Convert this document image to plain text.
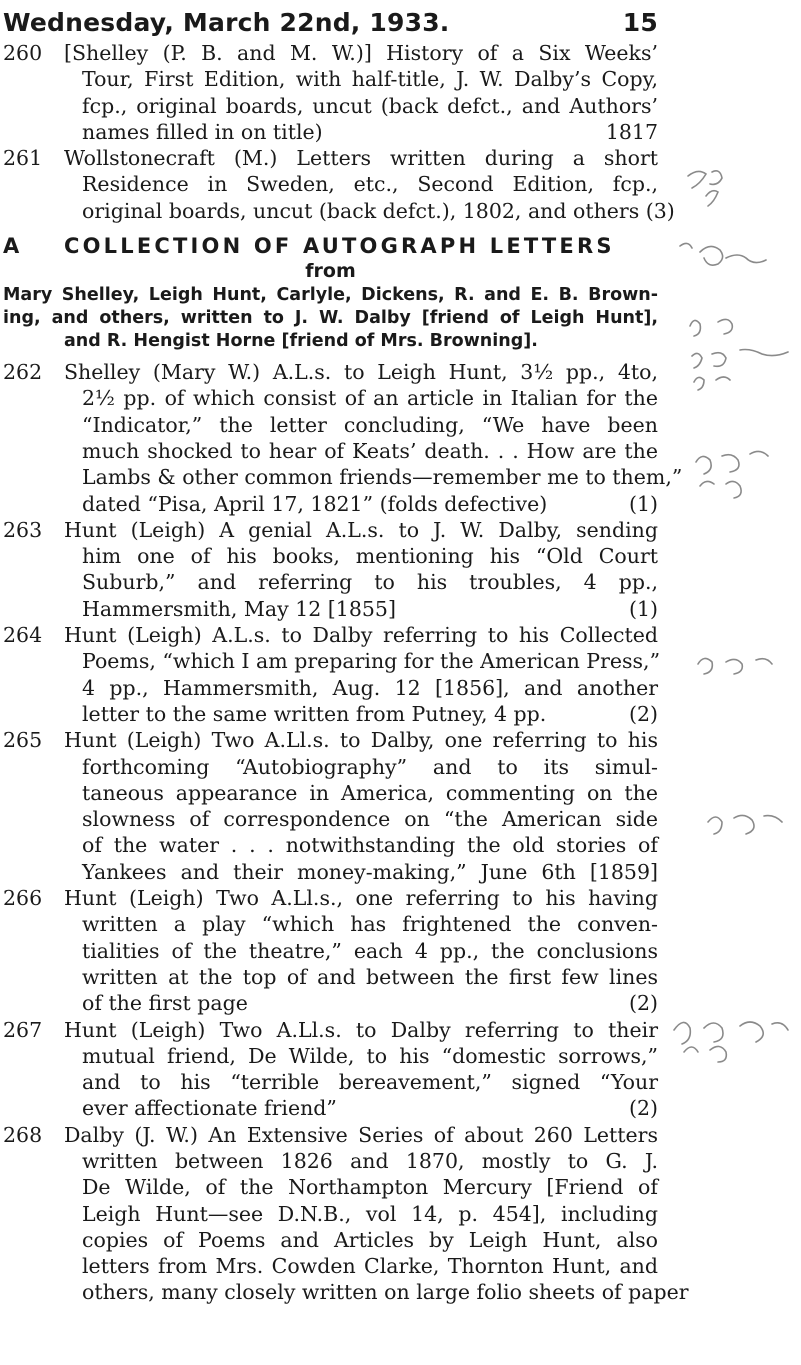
Wednesday, March 22nd, 1933.	15
260 [Shelley (P. B. and M. W.)] History of a Six Weeks’
Tour, First Edition, with half-title, J. W. Dalby’s Copy,
fcp., original boards, uncut (back defct., and Authors’
names filled in on title)	1817
261 Wollstonecraft (M.) Letters written during a short
Residence in Sweden, etc., Second Edition, fcp.,
original boards, uncut (back defct.), 1802, and others (3)
A COLLECTION OF AUTOGRAPH LETTERS
from
Mary Shelley, Leigh Hunt, Carlyle, Dickens, R. and E. B. Brown-
ing, and others, written to J. W. Dalby [friend of Leigh Hunt],
and R. Hengist Horne [friend of Mrs. Browning].
262 Shelley (Mary W.) A.L.s. to Leigh Hunt, 3½ pp., 4to,
2½ pp. of which consist of an article in Italian for the
“Indicator,” the letter concluding, “We have been
much shocked to hear of Keats’ death. . . How are the
Lambs & other common friends—remember me to them,”
dated “Pisa, April 17, 1821” (folds defective)	(1)
263 Hunt (Leigh) A genial A.L.s. to J. W. Dalby, sending
him one of his books, mentioning his “Old Court
Suburb,” and referring to his troubles, 4 pp.,
Hammersmith, May 12 [1855]	(1)
264 Hunt (Leigh) A.L.s. to Dalby referring to his Collected
Poems, “which I am preparing for the American Press,”
4 pp., Hammersmith, Aug. 12 [1856], and another
letter to the same written from Putney, 4 pp.	(2)
265 Hunt (Leigh) Two A.Ll.s. to Dalby, one referring to his
forthcoming “Autobiography” and to its simul-
taneous appearance in America, commenting on the
slowness of correspondence on “the American side
of the water . . . notwithstanding the old stories of
Yankees and their money-making,” June 6th [1859]
266 Hunt (Leigh) Two A.Ll.s., one referring to his having
written a play “which has frightened the conven-
tialities of the theatre,” each 4 pp., the conclusions
written at the top of and between the first few lines
of the first page	(2)
267 Hunt (Leigh) Two A.Ll.s. to Dalby referring to their
mutual friend, De Wilde, to his “domestic sorrows,”
and to his “terrible bereavement,” signed “Your
ever affectionate friend”	(2)
268 Dalby (J. W.) An Extensive Series of about 260 Letters
written between 1826 and 1870, mostly to G. J.
De Wilde, of the Northampton Mercury [Friend of
Leigh Hunt—see D.N.B., vol 14, p. 454], including
copies of Poems and Articles by Leigh Hunt, also
letters from Mrs. Cowden Clarke, Thornton Hunt, and
others, many closely written on large folio sheets of paper
